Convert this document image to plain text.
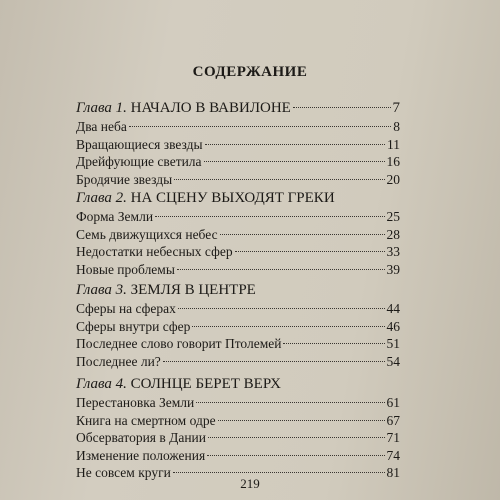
СОДЕРЖАНИЕ
Глава 1. НАЧАЛО В ВАВИЛОНЕ	7
Два неба	8
Вращающиеся звезды	11
Дрейфующие светила	16
Бродячие звезды	20
Глава 2. НА СЦЕНУ ВЫХОДЯТ ГРЕКИ
Форма Земли	25
Семь движущихся небес	28
Недостатки небесных сфер	33
Новые проблемы	39
Глава 3. ЗЕМЛЯ В ЦЕНТРЕ
Сферы на сферах	44
Сферы внутри сфер	46
Последнее слово говорит Птолемей	51
Последнее ли?	54
Глава 4. СОЛНЦЕ БЕРЕТ ВЕРХ
Перестановка Земли	61
Книга на смертном одре	67
Обсерватория в Дании	71
Изменение положения	74
Не совсем круги	81
219
